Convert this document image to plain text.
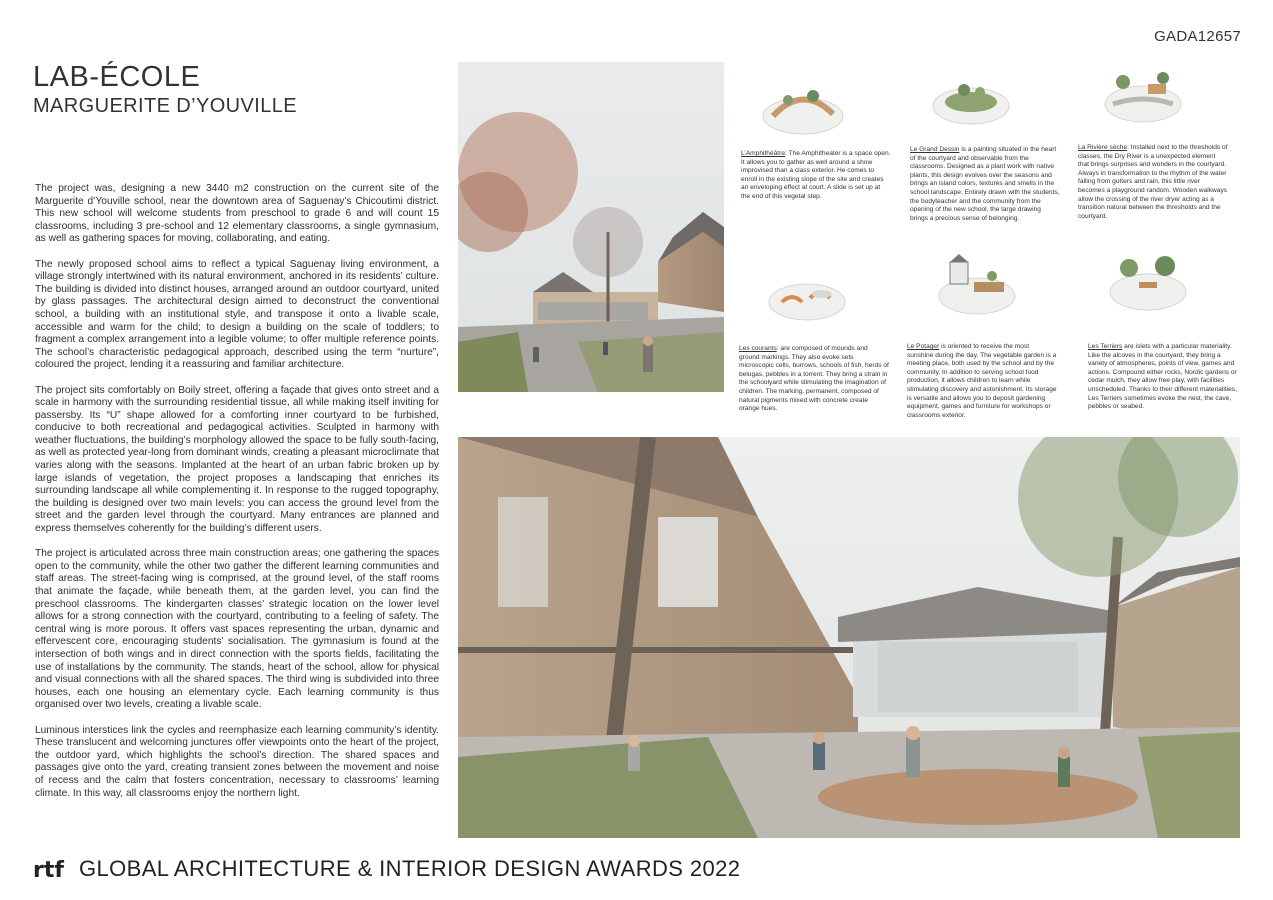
GADA12657
LAB-ÉCOLE
MARGUERITE D’YOUVILLE

The project was, designing a new 3440 m2 construction on the current site of the Marguerite d’Youville school, near the downtown area of Saguenay’s Chicoutimi district. This new school will welcome students from preschool to grade 6 and will count 15 classrooms, including 3 pre-school and 12 elementary classrooms, a single gymnasium, as well as gathering spaces for moving, collaborating, and eating.

The newly proposed school aims to reflect a typical Saguenay living environment, a village strongly intertwined with its natural environment, anchored in its residents’ culture. The building is divided into distinct houses, arranged around an outdoor courtyard, united by glass passages. The architectural design aimed to deconstruct the conventional school, a building with an institutional style, and transpose it onto a livable scale, accessible and warm for the child; to design a building on the scale of toddlers; to fragment a complex arrangement into a legible volume; to offer multiple reference points. The school’s characteristic pedagogical approach, described using the term “nurture”, coloured the project, lending it a reassuring and familiar architecture.

The project sits comfortably on Boily street, offering a façade that gives onto street and a scale in harmony with the surrounding residential tissue, all while making itself inviting for passersby. Its “U” shape allowed for a comforting inner courtyard to be furbished, conducive to both recreational and pedagogical activities. Sculpted in harmony with weather fluctuations, the building’s morphology allowed the space to be fully south-facing, as well as protected year-long from dominant winds, creating a pleasant microclimate that varies along with the seasons. Implanted at the heart of an urban fabric broken up by large islands of vegetation, the project proposes a landscaping that enriches its surrounding landscape all while complementing it. In response to the rugged topography, the building is designed over two main levels: you can access the ground level from the street and the garden level through the courtyard. Many entrances are planned and express themselves coherently for the building’s different users.

The project is articulated across three main construction areas; one gathering the spaces open to the community, while the other two gather the different learning communities and staff areas. The street-facing wing is comprised, at the ground level, of the staff rooms that animate the façade, while beneath them, at the garden level, you can find the preschool classrooms. The kindergarten classes’ strategic location on the lower level allows for a strong connection with the courtyard, contributing to a feeling of safety. The central wing is more porous. It offers vast spaces representing the urban, dynamic and effervescent core, encouraging students’ socialisation. The gymnasium is found at the intersection of both wings and in direct connection with the sports fields, facilitating the use of installations by the community. The stands, heart of the school, allow for physical and visual connections with all the shared spaces. The third wing is subdivided into three houses, each one housing an elementary cycle. Each learning community is thus organised over two levels, creating a livable scale.

Luminous interstices link the cycles and reemphasize each learning community’s identity. These translucent and welcoming junctures offer viewpoints onto the heart of the project, the outdoor yard, which highlights the school’s direction. The shared spaces and passages give onto the yard, creating transient zones between the movement and noise of recess and the calm that fosters concentration, necessary to classrooms’ learning climate. In this way, all classrooms enjoy the northern light.

L’Amphithéâtre: The Amphitheater is a space open. It allows you to gather as well around a show improvised than a class exterior. He comes to enroll in the existing slope of the site and creates an enveloping effect at court. A slide is set up at the end of this vegetal step.
Le Grand Dessin is a painting situated in the heart of the courtyard and observable from the classrooms. Designed as a plant work with native plants, this design evolves over the seasons and brings an island colors, textures and smells in the school landscape. Entirely drawn with the students, the bodyteacher and the community from the opening of the new school, the large drawing brings a precious sense of belonging.
La Rivière sèche: Installed next to the thresholds of classes, the Dry River is a unexpected element that brings surprises and wonders in the courtyard. Always in transformation to the rhythm of the water falling from gutters and rain, this little river becomes a playground random. Wooden walkways allow the crossing of the river dryer acting as a transition natural between the thresholds and the courtyard.
Les courants: are composed of mounds and ground markings. They also evoke sets microscopic cells, burrows, schools of fish, herds of belugas, pebbles in a torrent. They bring a strain in the schoolyard while stimulating the imagination of children. The marking, permanent, composed of natural pigments mixed with concrete create orange hues.
Le Potager is oriented to receive the most sunshine during the day. The vegetable garden is a meeting place, both used by the school and by the community. In addition to serving school food production, it allows children to learn while stimulating discovery and astonishment. Its storage is versatile and allows you to deposit gardening equipment, games and furniture for workshops or classrooms exterior.
Les Terriers are islets with a particular materiality. Like the alcoves in the courtyard, they bring a variety of atmospheres, points of view, games and actions. Compound either rocks, Nordic gardens or cedar mulch, they allow free play, with facilities unscheduled. Thanks to their different materialities, Les Terriers sometimes evoke the nest, the cave, pebbles or seabed.
rtf GLOBAL ARCHITECTURE & INTERIOR DESIGN AWARDS 2022
